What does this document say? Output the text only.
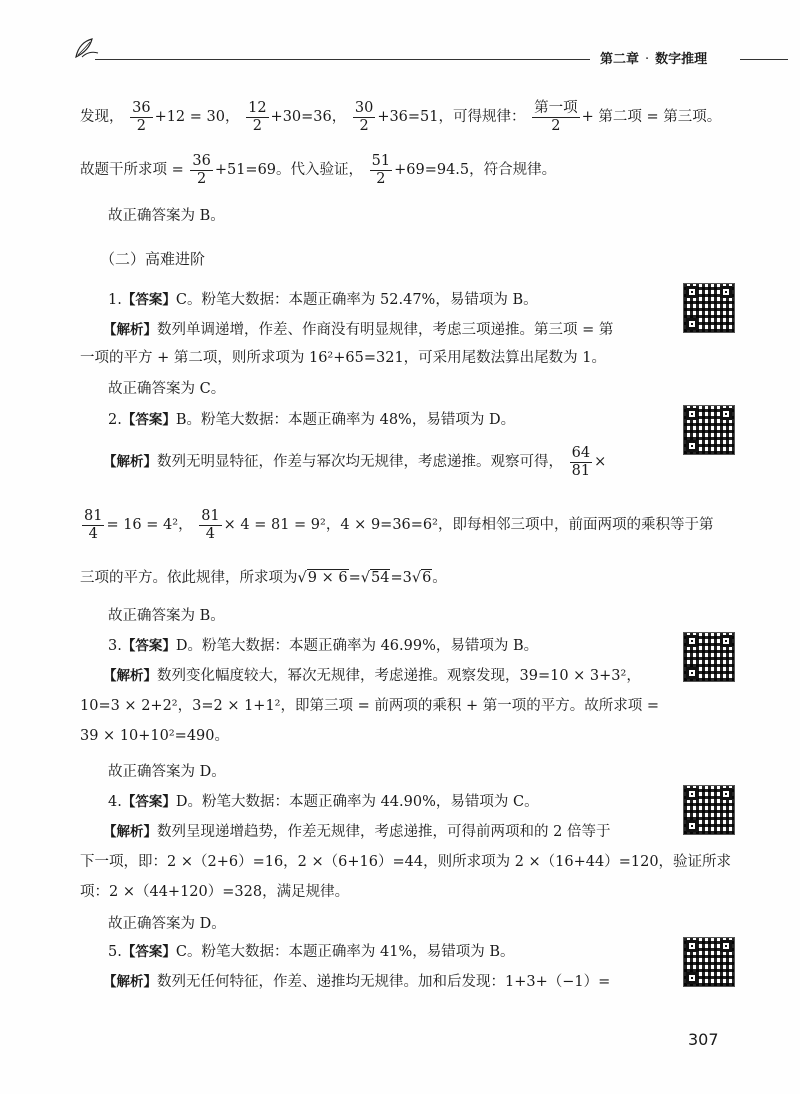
第二章 · 数字推理
发现， $\frac{36}{2} +12 = 30$， $\frac{12}{2} +30=36$， $\frac{30}{2} +36=51$，可得规律： $\frac{\text{第一项}}{2}$ + 第二项 = 第三项。
故题干所求项 = $\frac{36}{2} +51=69$。代入验证， $\frac{51}{2} +69=94.5$，符合规律。
故正确答案为 B。
（二）高难进阶
1.【答案】C。粉笔大数据：本题正确率为 52.47%，易错项为 B。
【解析】数列单调递增，作差、作商没有明显规律，考虑三项递推。第三项 = 第
一项的平方 + 第二项，则所求项为 16²+65=321，可采用尾数法算出尾数为 1。
故正确答案为 C。
2.【答案】B。粉笔大数据：本题正确率为 48%，易错项为 D。
【解析】数列无明显特征，作差与幂次均无规律，考虑递推。观察可得， $\frac{64}{81}$ ×
$\frac{81}{4} = 16 = 4^2$， $\frac{81}{4} \times 4 = 81 = 9^2$，4 × 9=36=6²，即每相邻三项中，前面两项的乘积等于第
三项的平方。依此规律，所求项为√9 × 6=√54=3√6。
故正确答案为 B。
3.【答案】D。粉笔大数据：本题正确率为 46.99%，易错项为 B。
【解析】数列变化幅度较大，幂次无规律，考虑递推。观察发现，39=10 × 3+3²，
10=3 × 2+2²，3=2 × 1+1²，即第三项 = 前两项的乘积 + 第一项的平方。故所求项 =
39 × 10+10²=490。
故正确答案为 D。
4.【答案】D。粉笔大数据：本题正确率为 44.90%，易错项为 C。
【解析】数列呈现递增趋势，作差无规律，考虑递推，可得前两项和的 2 倍等于
下一项，即：2 ×（2+6）=16，2 ×（6+16）=44，则所求项为 2 ×（16+44）=120，验证所求
项：2 ×（44+120）=328，满足规律。
故正确答案为 D。
5.【答案】C。粉笔大数据：本题正确率为 41%，易错项为 B。
【解析】数列无任何特征，作差、递推均无规律。加和后发现：1+3+（−1）=
307
